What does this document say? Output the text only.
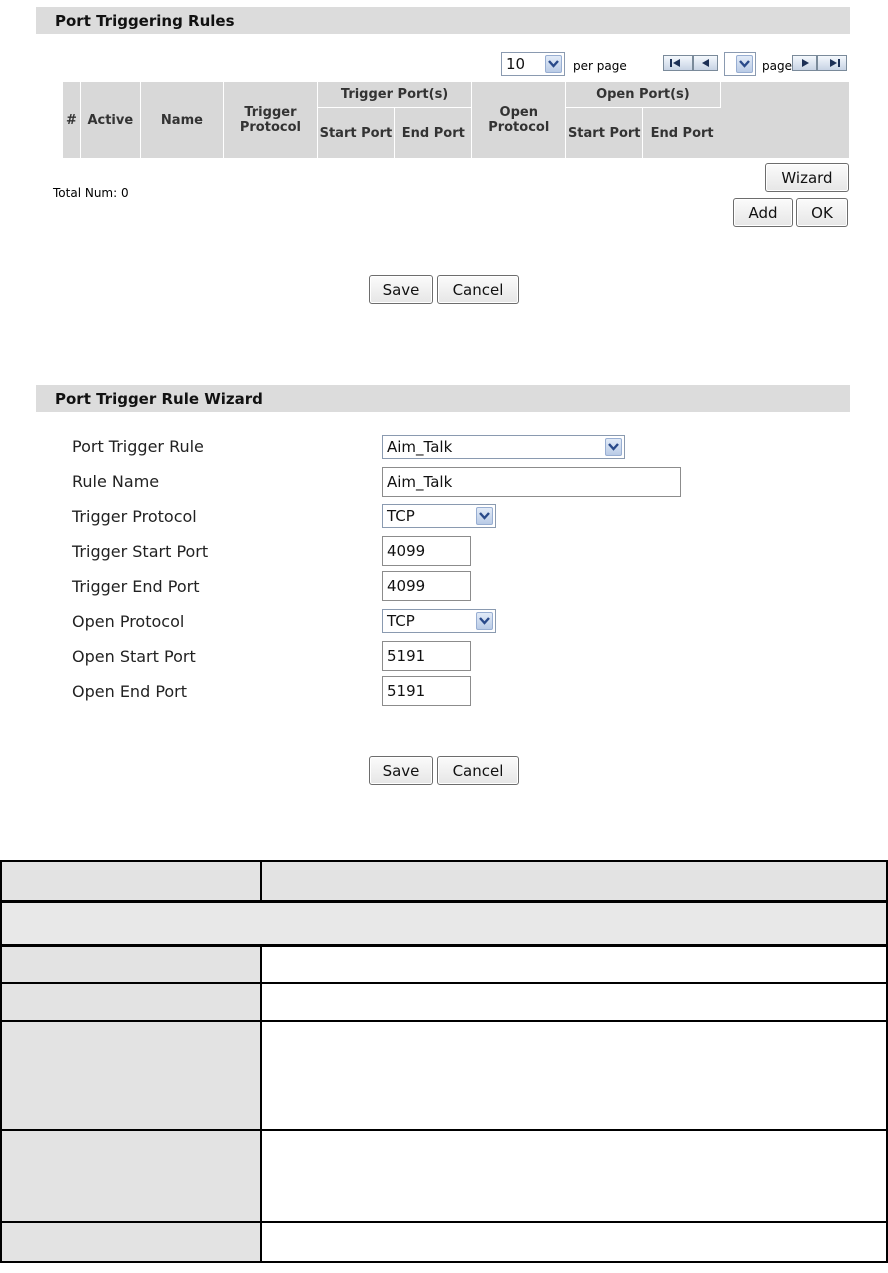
Port Triggering Rules
10	per page	page
#	Active	Name	Trigger Protocol	Trigger Port(s)		Open Protocol	Open Port(s)		
				Start Port	End Port		Start Port	End Port	
Wizard
Total Num: 0
Add	OK
Save	Cancel
Port Trigger Rule Wizard
Port Trigger Rule	Aim_Talk
Rule Name	Aim_Talk
Trigger Protocol	TCP
Trigger Start Port	4099
Trigger End Port	4099
Open Protocol	TCP
Open Start Port	5191
Open End Port	5191
Save	Cancel
